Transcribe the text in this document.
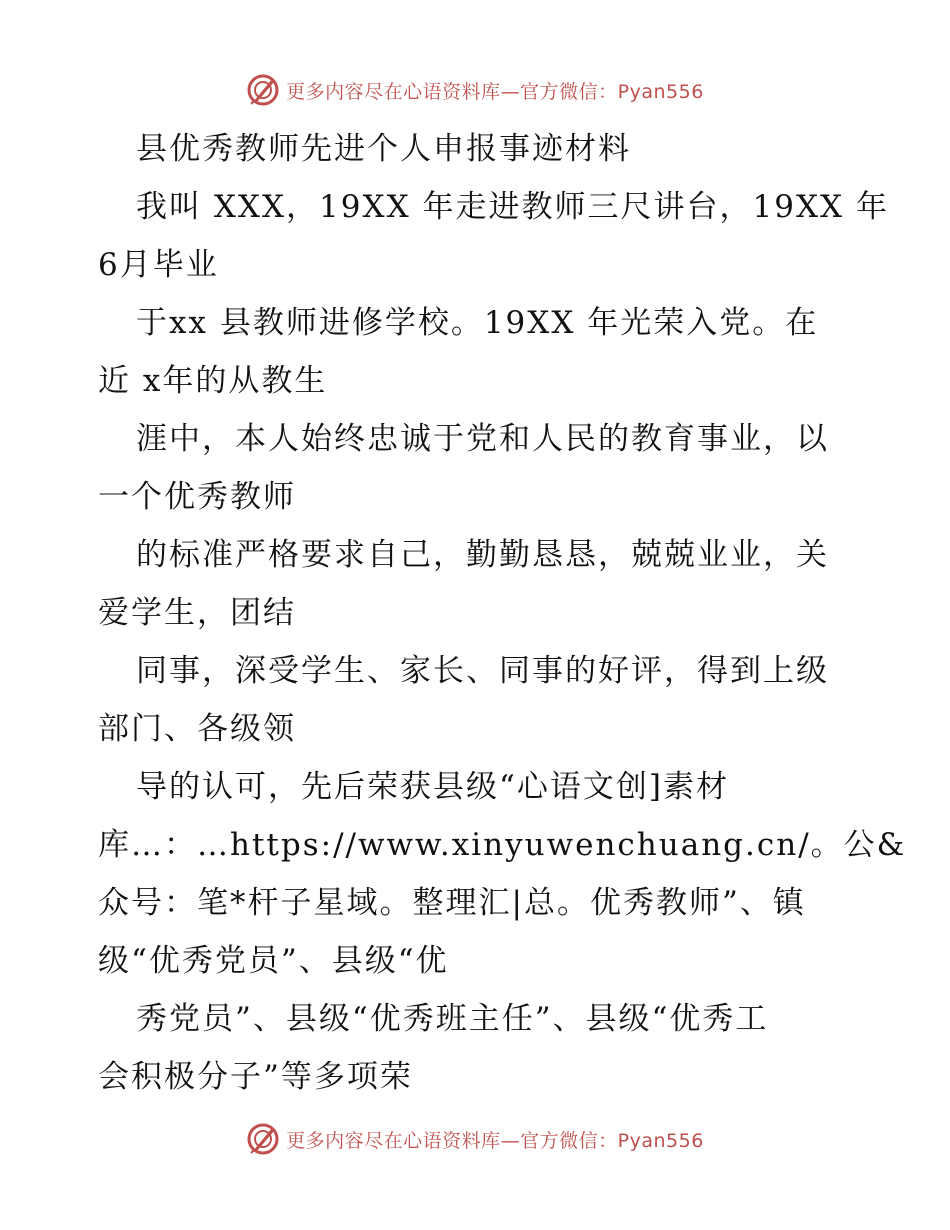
更多内容尽在心语资料库—官方微信：Pyan556
县优秀教师先进个人申报事迹材料
我叫 XXX，19XX 年走进教师三尺讲台，19XX 年
6月毕业
于xx 县教师进修学校。19XX 年光荣入党。在
近 x年的从教生
涯中，本人始终忠诚于党和人民的教育事业，以
一个优秀教师
的标准严格要求自己，勤勤恳恳，兢兢业业，关
爱学生，团结
同事，深受学生、家长、同事的好评，得到上级
部门、各级领
导的认可，先后荣获县级“心语文创]素材
库…：…https://www.xinyuwenchuang.cn/。公&
众号：笔*杆子星域。整理汇|总。优秀教师”、镇
级“优秀党员”、县级“优
秀党员”、县级“优秀班主任”、县级“优秀工
会积极分子”等多项荣
更多内容尽在心语资料库—官方微信：Pyan556
